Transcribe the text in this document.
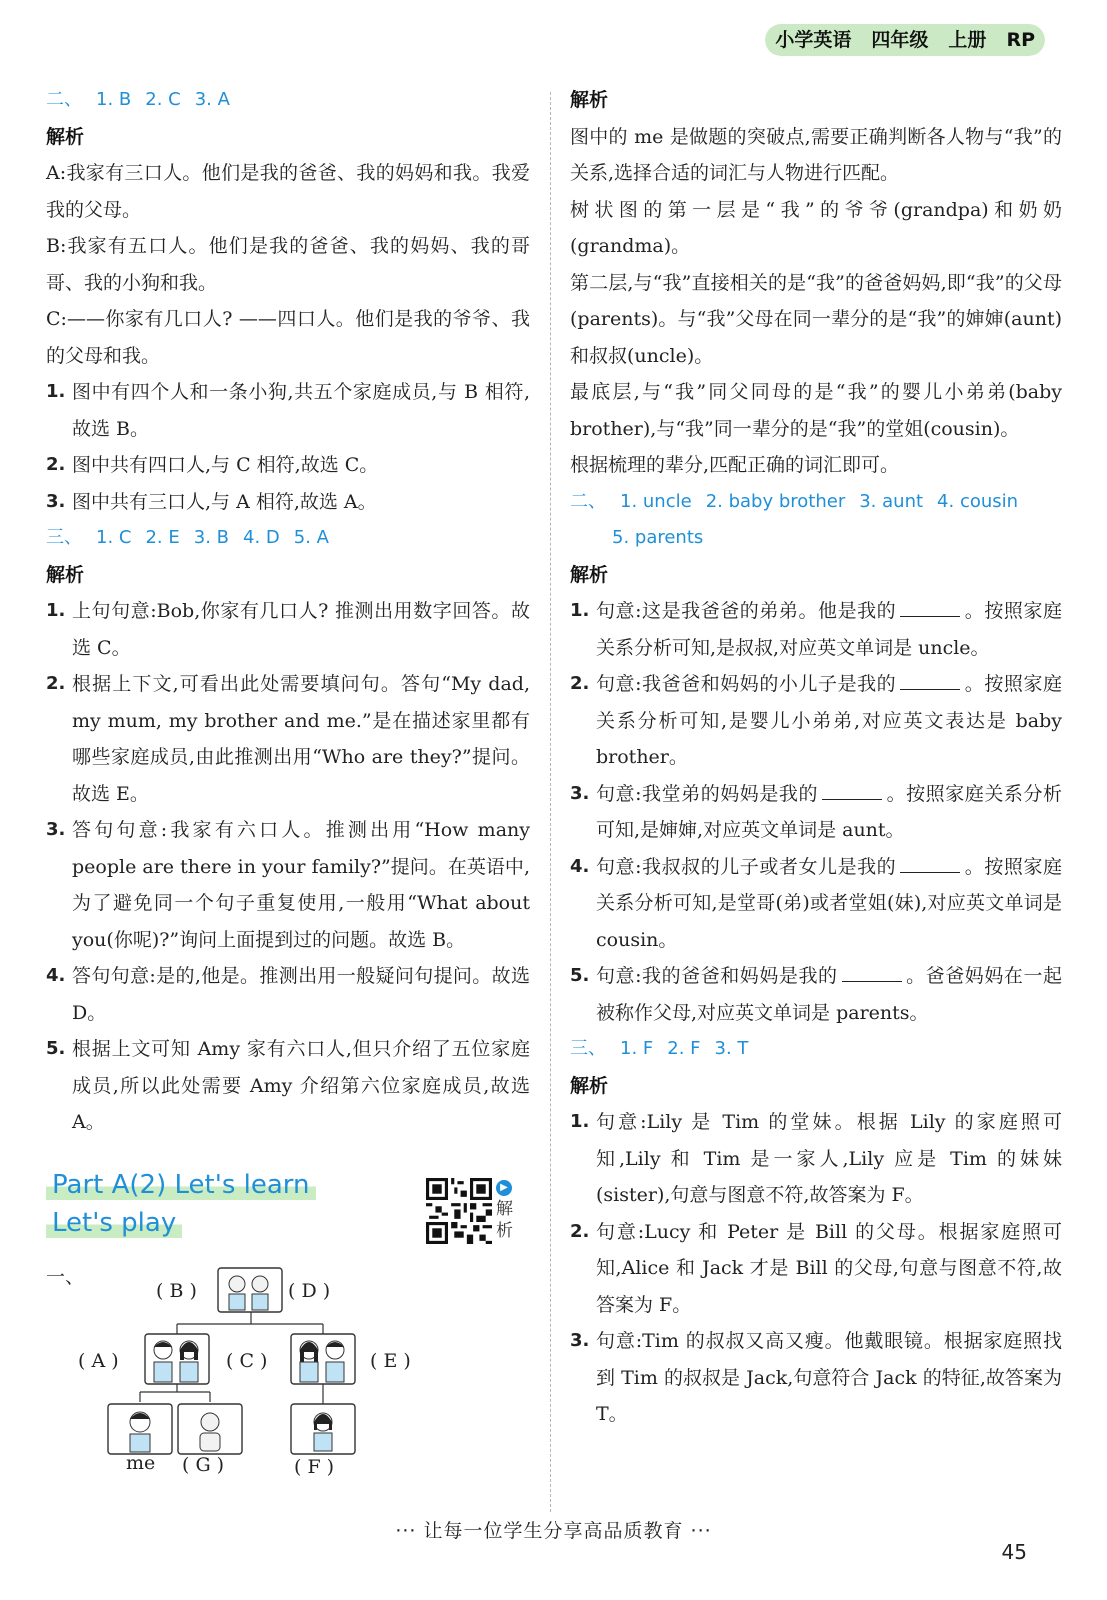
小学英语	四年级	上册	RP
二、 1. B 2. C 3. A
解析
A:我家有三口人。他们是我的爸爸、我的妈妈和我。我爱我的父母。
B:我家有五口人。他们是我的爸爸、我的妈妈、我的哥哥、我的小狗和我。
C:——你家有几口人? ——四口人。他们是我的爷爷、我的父母和我。
1. 图中有四个人和一条小狗,共五个家庭成员,与 B 相符,故选 B。
2. 图中共有四口人,与 C 相符,故选 C。
3. 图中共有三口人,与 A 相符,故选 A。
三、 1. C 2. E 3. B 4. D 5. A
解析
1. 上句句意:Bob,你家有几口人? 推测出用数字回答。故选 C。
2. 根据上下文,可看出此处需要填问句。答句“My dad, my mum, my brother and me.”是在描述家里都有哪些家庭成员,由此推测出用“Who are they?”提问。故选 E。
3. 答句句意:我家有六口人。推测出用“How many people are there in your family?”提问。在英语中,为了避免同一个句子重复使用,一般用“What about you(你呢)?”询问上面提到过的问题。故选 B。
4. 答句句意:是的,他是。推测出用一般疑问句提问。故选 D。
5. 根据上文可知 Amy 家有六口人,但只介绍了五位家庭成员,所以此处需要 Amy 介绍第六位家庭成员,故选 A。
Part A(2) Let's learn
Let's play
▶
解析
一、
( B )	( D )
( A )	( C )	( E )
me ( G )	( F )
解析
图中的 me 是做题的突破点,需要正确判断各人物与“我”的关系,选择合适的词汇与人物进行匹配。
树状图的第一层是“我”的爷爷(grandpa)和奶奶(grandma)。
第二层,与“我”直接相关的是“我”的爸爸妈妈,即“我”的父母(parents)。与“我”父母在同一辈分的是“我”的婶婶(aunt)和叔叔(uncle)。
最底层,与“我”同父同母的是“我”的婴儿小弟弟(baby brother),与“我”同一辈分的是“我”的堂姐(cousin)。
根据梳理的辈分,匹配正确的词汇即可。
二、 1. uncle 2. baby brother 3. aunt 4. cousin
5. parents
解析
1. 句意:这是我爸爸的弟弟。他是我的	。按照家庭关系分析可知,是叔叔,对应英文单词是 uncle。
2. 句意:我爸爸和妈妈的小儿子是我的	。按照家庭关系分析可知,是婴儿小弟弟,对应英文表达是 baby brother。
3. 句意:我堂弟的妈妈是我的	。按照家庭关系分析可知,是婶婶,对应英文单词是 aunt。
4. 句意:我叔叔的儿子或者女儿是我的	。按照家庭关系分析可知,是堂哥(弟)或者堂姐(妹),对应英文单词是 cousin。
5. 句意:我的爸爸和妈妈是我的	。爸爸妈妈在一起被称作父母,对应英文单词是 parents。
三、 1. F 2. F 3. T
解析
1. 句意:Lily 是 Tim 的堂妹。根据 Lily 的家庭照可知,Lily 和 Tim 是一家人,Lily 应是 Tim 的妹妹(sister),句意与图意不符,故答案为 F。
2. 句意:Lucy 和 Peter 是 Bill 的父母。根据家庭照可知,Alice 和 Jack 才是 Bill 的父母,句意与图意不符,故答案为 F。
3. 句意:Tim 的叔叔又高又瘦。他戴眼镜。根据家庭照找到 Tim 的叔叔是 Jack,句意符合 Jack 的特征,故答案为 T。
··· 让每一位学生分享高品质教育 ···
45
